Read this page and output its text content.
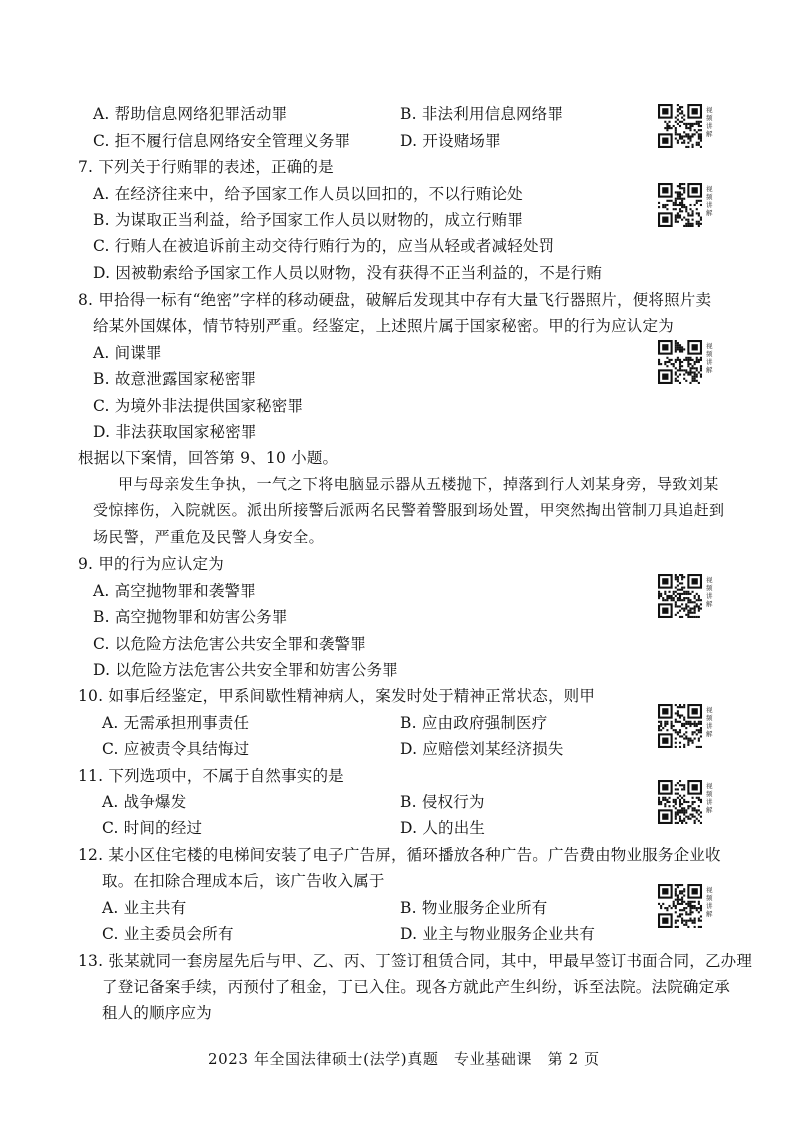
A. 帮助信息网络犯罪活动罪	B. 非法利用信息网络罪
C. 拒不履行信息网络安全管理义务罪	D. 开设赌场罪
7. 下列关于行贿罪的表述，正确的是
A. 在经济往来中，给予国家工作人员以回扣的，不以行贿论处
B. 为谋取正当利益，给予国家工作人员以财物的，成立行贿罪
C. 行贿人在被追诉前主动交待行贿行为的，应当从轻或者减轻处罚
D. 因被勒索给予国家工作人员以财物，没有获得不正当利益的，不是行贿
8. 甲拾得一标有“绝密”字样的移动硬盘，破解后发现其中存有大量飞行器照片，便将照片卖
给某外国媒体，情节特别严重。经鉴定，上述照片属于国家秘密。甲的行为应认定为
A. 间谍罪
B. 故意泄露国家秘密罪
C. 为境外非法提供国家秘密罪
D. 非法获取国家秘密罪
根据以下案情，回答第 9、10 小题。
甲与母亲发生争执，一气之下将电脑显示器从五楼抛下，掉落到行人刘某身旁，导致刘某
受惊摔伤，入院就医。派出所接警后派两名民警着警服到场处置，甲突然掏出管制刀具追赶到
场民警，严重危及民警人身安全。
9. 甲的行为应认定为
A. 高空抛物罪和袭警罪
B. 高空抛物罪和妨害公务罪
C. 以危险方法危害公共安全罪和袭警罪
D. 以危险方法危害公共安全罪和妨害公务罪
10. 如事后经鉴定，甲系间歇性精神病人，案发时处于精神正常状态，则甲
A. 无需承担刑事责任	B. 应由政府强制医疗
C. 应被责令具结悔过	D. 应赔偿刘某经济损失
11. 下列选项中，不属于自然事实的是
A. 战争爆发	B. 侵权行为
C. 时间的经过	D. 人的出生
12. 某小区住宅楼的电梯间安装了电子广告屏，循环播放各种广告。广告费由物业服务企业收
取。在扣除合理成本后，该广告收入属于
A. 业主共有	B. 物业服务企业所有
C. 业主委员会所有	D. 业主与物业服务企业共有
13. 张某就同一套房屋先后与甲、乙、丙、丁签订租赁合同，其中，甲最早签订书面合同，乙办理
了登记备案手续，丙预付了租金，丁已入住。现各方就此产生纠纷，诉至法院。法院确定承
租人的顺序应为
2023 年全国法律硕士(法学)真题　专业基础课　第 2 页
视频讲解
视频讲解
视频讲解
视频讲解
视频讲解
视频讲解
视频讲解
